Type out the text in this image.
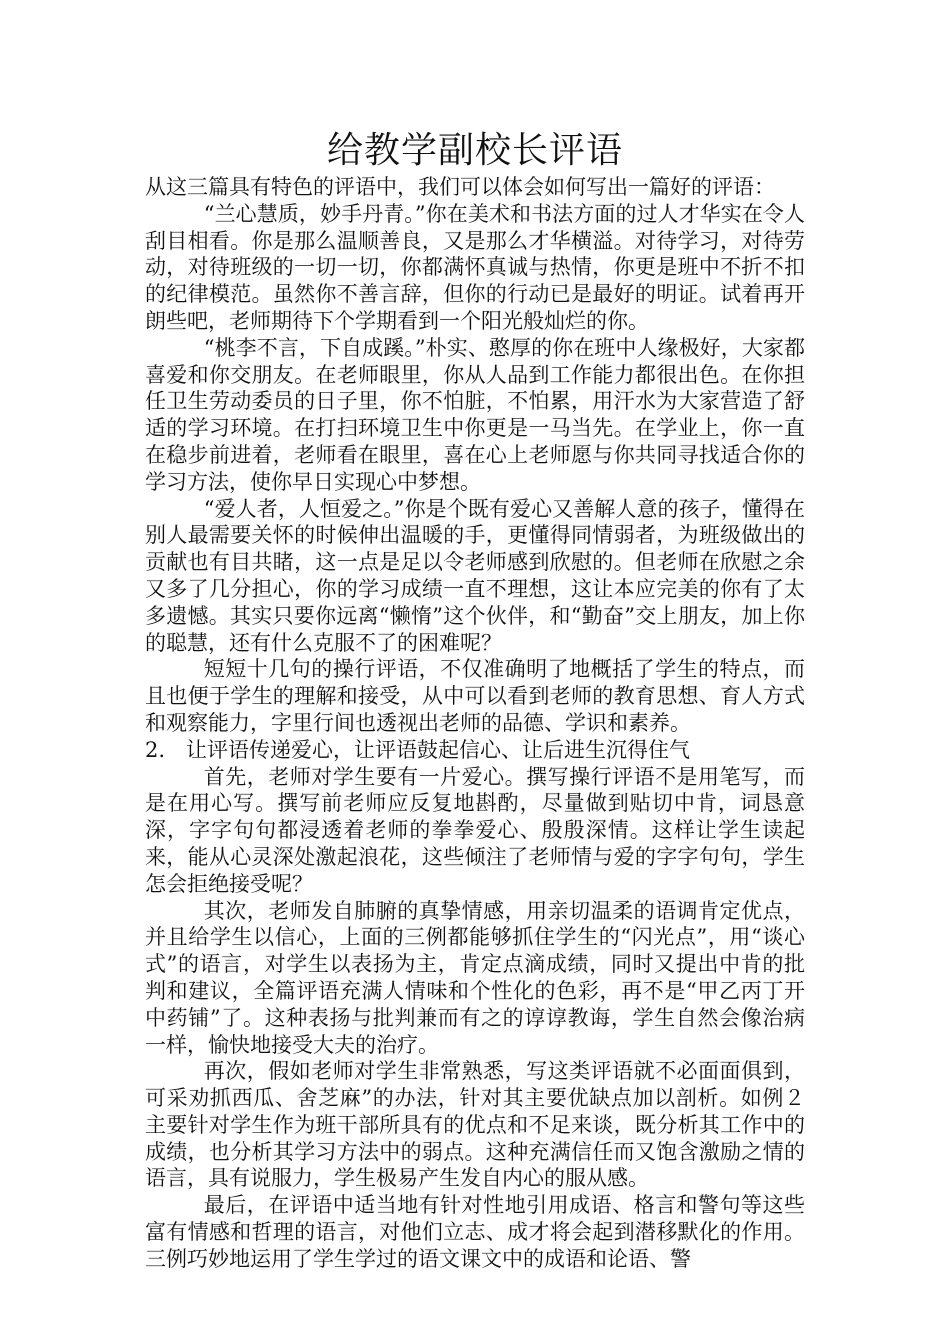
给教学副校长评语

从这三篇具有特色的评语中，我们可以体会如何写出一篇好的评语：

“兰心慧质，妙手丹青。”你在美术和书法方面的过人才华实在令人刮目相看。你是那么温顺善良，又是那么才华横溢。对待学习，对待劳动，对待班级的一切一切，你都满怀真诚与热情，你更是班中不折不扣的纪律模范。虽然你不善言辞，但你的行动已是最好的明证。试着再开朗些吧，老师期待下个学期看到一个阳光般灿烂的你。

“桃李不言，下自成蹊。”朴实、憨厚的你在班中人缘极好，大家都喜爱和你交朋友。在老师眼里，你从人品到工作能力都很出色。在你担任卫生劳动委员的日子里，你不怕脏，不怕累，用汗水为大家营造了舒适的学习环境。在打扫环境卫生中你更是一马当先。在学业上，你一直在稳步前进着，老师看在眼里，喜在心上老师愿与你共同寻找适合你的学习方法，使你早日实现心中梦想。

“爱人者，人恒爱之。”你是个既有爱心又善解人意的孩子，懂得在别人最需要关怀的时候伸出温暖的手，更懂得同情弱者，为班级做出的贡献也有目共睹，这一点是足以令老师感到欣慰的。但老师在欣慰之余又多了几分担心，你的学习成绩一直不理想，这让本应完美的你有了太多遗憾。其实只要你远离“懒惰”这个伙伴，和“勤奋”交上朋友，加上你的聪慧，还有什么克服不了的困难呢？

短短十几句的操行评语，不仅准确明了地概括了学生的特点，而且也便于学生的理解和接受，从中可以看到老师的教育思想、育人方式和观察能力，字里行间也透视出老师的品德、学识和素养。

2.　让评语传递爱心，让评语鼓起信心、让后进生沉得住气

首先，老师对学生要有一片爱心。撰写操行评语不是用笔写，而是在用心写。撰写前老师应反复地斟酌，尽量做到贴切中肯，词恳意深，字字句句都浸透着老师的拳拳爱心、殷殷深情。这样让学生读起来，能从心灵深处激起浪花，这些倾注了老师情与爱的字字句句，学生怎会拒绝接受呢？

其次，老师发自肺腑的真挚情感，用亲切温柔的语调肯定优点，并且给学生以信心，上面的三例都能够抓住学生的“闪光点”，用“谈心式”的语言，对学生以表扬为主，肯定点滴成绩，同时又提出中肯的批判和建议，全篇评语充满人情味和个性化的色彩，再不是“甲乙丙丁开中药铺”了。这种表扬与批判兼而有之的谆谆教诲，学生自然会像治病一样，愉快地接受大夫的治疗。

再次，假如老师对学生非常熟悉，写这类评语就不必面面俱到，可采劝抓西瓜、舍芝麻”的办法，针对其主要优缺点加以剖析。如例２主要针对学生作为班干部所具有的优点和不足来谈，既分析其工作中的成绩，也分析其学习方法中的弱点。这种充满信任而又饱含激励之情的语言，具有说服力，学生极易产生发自内心的服从感。

最后，在评语中适当地有针对性地引用成语、格言和警句等这些富有情感和哲理的语言，对他们立志、成才将会起到潜移默化的作用。三例巧妙地运用了学生学过的语文课文中的成语和论语、警
